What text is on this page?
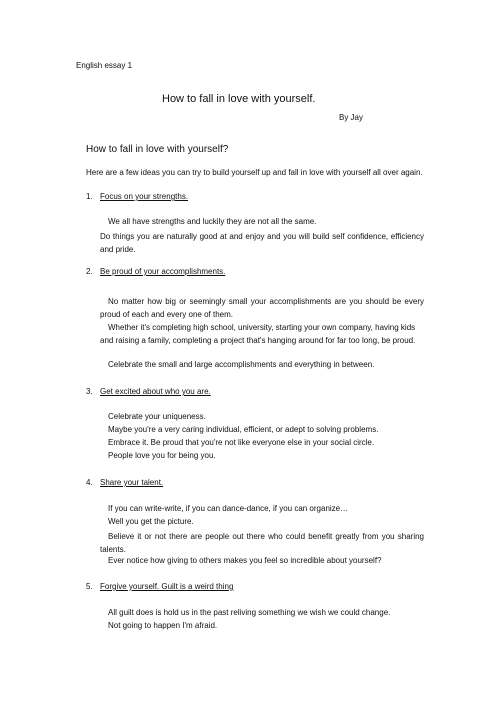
English essay 1
How to fall in love with yourself.
By Jay
How to fall in love with yourself?
Here are a few ideas you can try to build yourself up and fall in love with yourself all over again.
1. Focus on your strengths.
We all have strengths and luckily they are not all the same.
Do things you are naturally good at and enjoy and you will build self confidence, efficiency and pride.
2. Be proud of your accomplishments.
No matter how big or seemingly small your accomplishments are you should be every proud of each and every one of them.
Whether it's completing high school, university, starting your own company, having kids and raising a family, completing a project that's hanging around for far too long, be proud.
Celebrate the small and large accomplishments and everything in between.
3. Get excited about who you are.
Celebrate your uniqueness.
Maybe you're a very caring individual, efficient, or adept to solving problems.
Embrace it. Be proud that you're not like everyone else in your social circle.
People love you for being you.
4. Share your talent.
If you can write-write, if you can dance-dance, if you can organize…
Well you get the picture.
Believe it or not there are people out there who could benefit greatly from you sharing talents.
Ever notice how giving to others makes you feel so incredible about yourself?
5. Forgive yourself. Guilt is a weird thing
All guilt does is hold us in the past reliving something we wish we could change.
Not going to happen I'm afraid.
